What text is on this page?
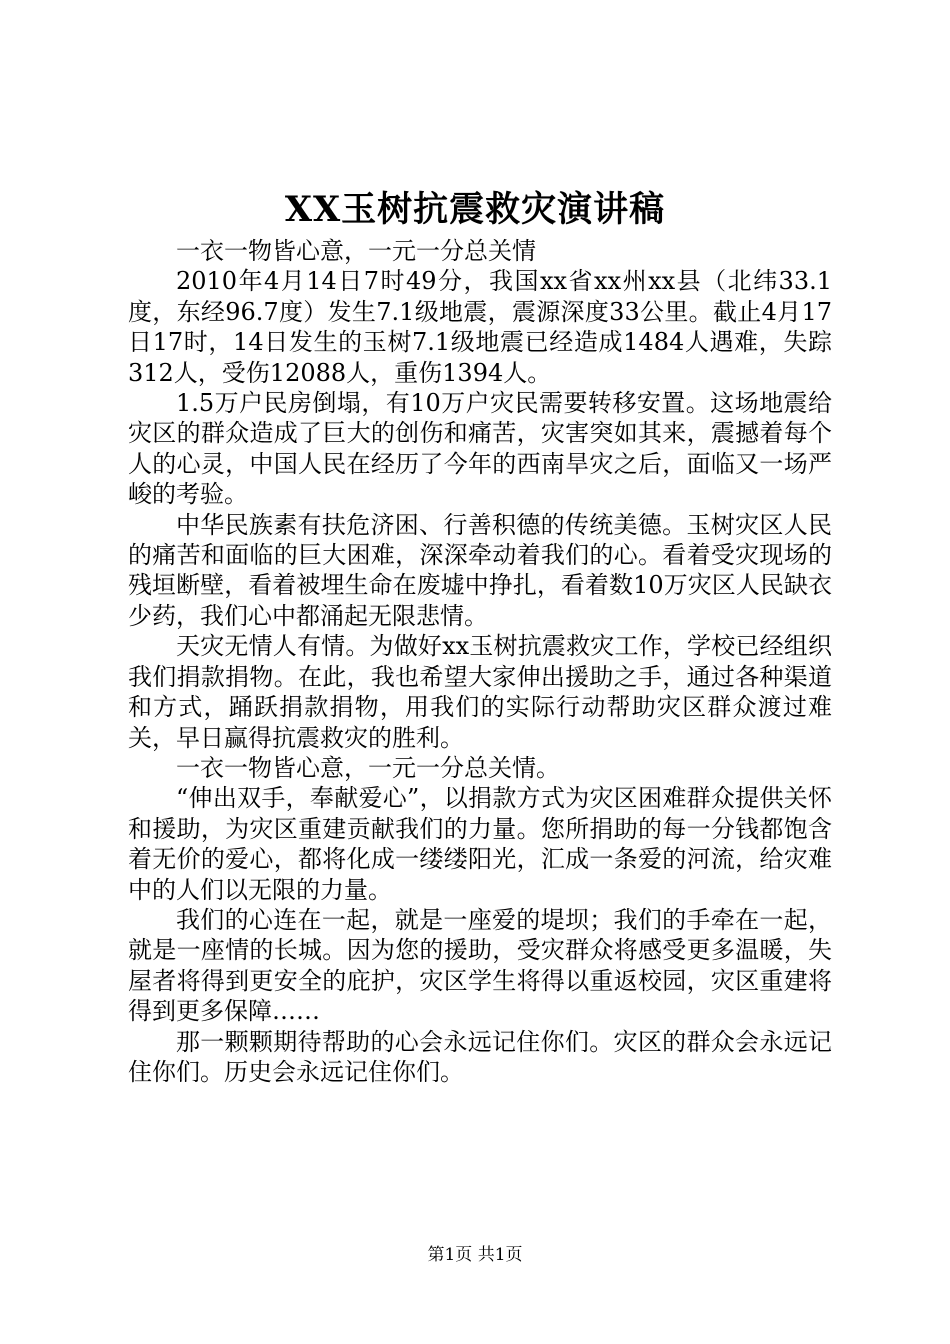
XX玉树抗震救灾演讲稿

一衣一物皆心意，一元一分总关情

2010年4月14日7时49分，我国xx省xx州xx县（北纬33.1度，东经96.7度）发生7.1级地震，震源深度33公里。截止4月17日17时，14日发生的玉树7.1级地震已经造成1484人遇难，失踪312人，受伤12088人，重伤1394人。

1.5万户民房倒塌，有10万户灾民需要转移安置。这场地震给灾区的群众造成了巨大的创伤和痛苦，灾害突如其来，震撼着每个人的心灵，中国人民在经历了今年的西南旱灾之后，面临又一场严峻的考验。

中华民族素有扶危济困、行善积德的传统美德。玉树灾区人民的痛苦和面临的巨大困难，深深牵动着我们的心。看着受灾现场的残垣断壁，看着被埋生命在废墟中挣扎，看着数10万灾区人民缺衣少药，我们心中都涌起无限悲情。

天灾无情人有情。为做好xx玉树抗震救灾工作，学校已经组织我们捐款捐物。在此，我也希望大家伸出援助之手，通过各种渠道和方式，踊跃捐款捐物，用我们的实际行动帮助灾区群众渡过难关，早日赢得抗震救灾的胜利。

一衣一物皆心意，一元一分总关情。

“伸出双手，奉献爱心”，以捐款方式为灾区困难群众提供关怀和援助，为灾区重建贡献我们的力量。您所捐助的每一分钱都饱含着无价的爱心，都将化成一缕缕阳光，汇成一条爱的河流，给灾难中的人们以无限的力量。

我们的心连在一起，就是一座爱的堤坝；我们的手牵在一起，就是一座情的长城。因为您的援助，受灾群众将感受更多温暖，失屋者将得到更安全的庇护，灾区学生将得以重返校园，灾区重建将得到更多保障……

那一颗颗期待帮助的心会永远记住你们。灾区的群众会永远记住你们。历史会永远记住你们。

第1页 共1页
